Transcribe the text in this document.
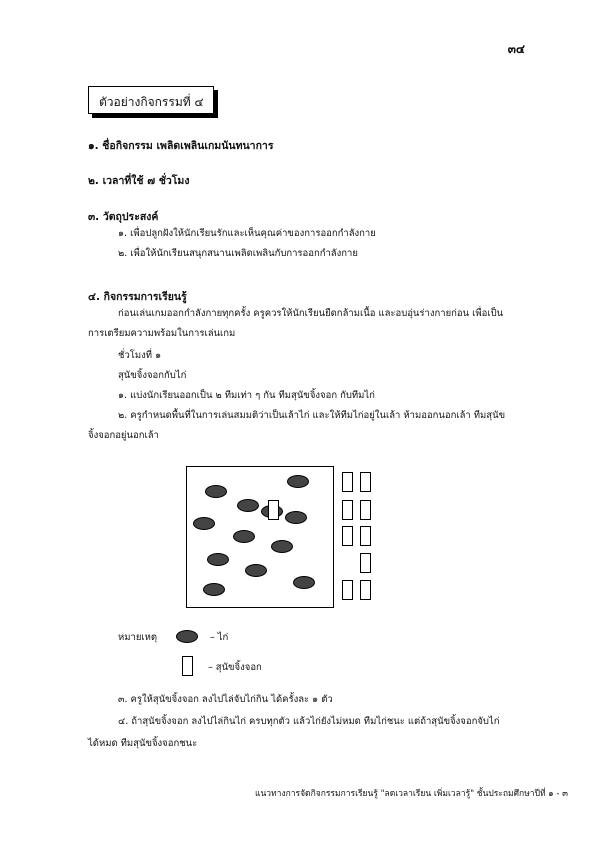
๓๔
ตัวอย่างกิจกรรมที่ ๔
๑. ชื่อกิจกรรม เพลิดเพลินเกมนันทนาการ
๒. เวลาที่ใช้ ๗ ชั่วโมง
๓. วัตถุประสงค์
๑. เพื่อปลูกฝังให้นักเรียนรักและเห็นคุณค่าของการออกกำลังกาย
๒. เพื่อให้นักเรียนสนุกสนานเพลิดเพลินกับการออกกำลังกาย
๔. กิจกรรมการเรียนรู้
ก่อนเล่นเกมออกกำลังกายทุกครั้ง ครูควรให้นักเรียนยืดกล้ามเนื้อ และอบอุ่นร่างกายก่อน เพื่อเป็น
การเตรียมความพร้อมในการเล่นเกม
ชั่วโมงที่ ๑
สุนัขจิ้งจอกกับไก่
๑. แบ่งนักเรียนออกเป็น ๒ ทีมเท่า ๆ กัน ทีมสุนัขจิ้งจอก กับทีมไก่
๒. ครูกำหนดพื้นที่ในการเล่นสมมติว่าเป็นเล้าไก่ และให้ทีมไก่อยู่ในเล้า ห้ามออกนอกเล้า ทีมสุนัข
จิ้งจอกอยู่นอกเล้า
หมายเหตุ	– ไก่
– สุนัขจิ้งจอก
๓. ครูให้สุนัขจิ้งจอก ลงไปไล่จับไก่กิน ได้ครั้งละ ๑ ตัว
๔. ถ้าสุนัขจิ้งจอก ลงไปไล่กินไก่ ครบทุกตัว แล้วไก่ยังไม่หมด ทีมไก่ชนะ แต่ถ้าสุนัขจิ้งจอกจับไก่
ได้หมด ทีมสุนัขจิ้งจอกชนะ
แนวทางการจัดกิจกรรมการเรียนรู้ "ลดเวลาเรียน เพิ่มเวลารู้" ชั้นประถมศึกษาปีที่ ๑ - ๓
